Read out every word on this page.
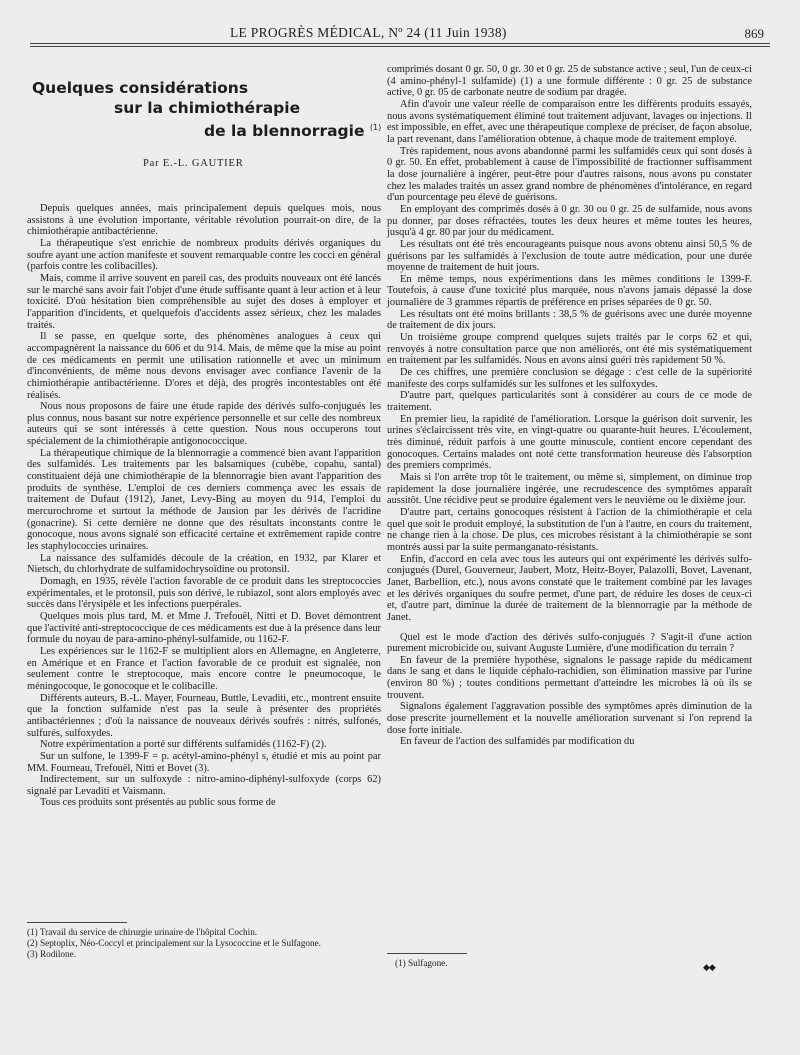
LE PROGRÈS MÉDICAL, Nº 24 (11 Juin 1938)	869
Quelques considérations
sur la chimiothérapie
de la blennorragie $^{(1)}$
Par E.-L. GAUTIER

Depuis quelques années, mais principalement depuis quelques mois, nous assistons à une évolution importante, véritable révolution pourrait-on dire, de la chimiothérapie antibactérienne.

La thérapeutique s'est enrichie de nombreux produits dérivés organiques du soufre ayant une action manifeste et souvent remarquable contre les cocci en général (parfois contre les colibacilles).

Mais, comme il arrive souvent en pareil cas, des produits nouveaux ont été lancés sur le marché sans avoir fait l'objet d'une étude suffisante quant à leur action et à leur toxicité. D'où hésitation bien compréhensible au sujet des doses à employer et l'apparition d'incidents, et quelquefois d'accidents assez sérieux, chez les malades traités.

Il se passe, en quelque sorte, des phénomènes analogues à ceux qui accompagnèrent la naissance du 606 et du 914. Mais, de même que la mise au point de ces médicaments en permit une utilisation rationnelle et avec un minimum d'inconvénients, de même nous devons envisager avec confiance l'avenir de la chimiothérapie antibactérienne. D'ores et déjà, des progrès incontestables ont été réalisés.

Nous nous proposons de faire une étude rapide des dérivés sulfo-conjugués les plus connus, nous basant sur notre expérience personnelle et sur celle des nombreux auteurs qui se sont intéressés à cette question. Nous nous occuperons tout spécialement de la chimiothérapie antigonococcique.

La thérapeutique chimique de la blennorragie a commencé bien avant l'apparition des sulfamidés. Les traitements par les balsamiques (cubèbe, copahu, santal) constituaient déjà une chimiothérapie de la blennorragie bien avant l'apparition des produits de synthèse. L'emploi de ces derniers commença avec les essais de traitement de Dufaut (1912), Janet, Levy-Bing au moyen du 914, l'emploi du mercurochrome et surtout la méthode de Jausion par les dérivés de l'acridine (gonacrine). Si cette dernière ne donne que des résultats inconstants contre le gonocoque, nous avons signalé son efficacité certaine et extrêmement rapide contre les staphylococcies urinaires.

La naissance des sulfamidés découle de la création, en 1932, par Klarer et Nietsch, du chlorhydrate de sulfamidochrysoïdine ou protonsil.

Domagh, en 1935, révèle l'action favorable de ce produit dans les streptococcies expérimentales, et le protonsil, puis son dérivé, le rubiazol, sont alors employés avec succès dans l'érysipèle et les infections puerpérales.

Quelques mois plus tard, M. et Mme J. Trefouël, Nitti et D. Bovet démontrent que l'activité anti-streptococcique de ces médicaments est due à la présence dans leur formule du noyau de para-amino-phényl-sulfamide, ou 1162-F.

Les expériences sur le 1162-F se multiplient alors en Allemagne, en Angleterre, en Amérique et en France et l'action favorable de ce produit est signalée, non seulement contre le streptocoque, mais encore contre le pneumocoque, le méningocoque, le gonocoque et le colibacille.

Différents auteurs, B.-L. Mayer, Fourneau, Buttle, Levaditi, etc., montrent ensuite que la fonction sulfamide n'est pas la seule à présenter des propriétés antibactériennes ; d'où la naissance de nouveaux dérivés soufrés : nitrés, sulfonés, sulfurés, sulfoxydes.

Notre expérimentation a porté sur différents sulfamidés (1162-F) (2).

Sur un sulfone, le 1399-F = p. acétyl-amino-phényl s, étudié et mis au point par MM. Fourneau, Trefouël, Nitti et Bovet (3).

Indirectement, sur un sulfoxyde : nitro-amino-diphényl-sulfoxyde (corps 62) signalé par Levaditi et Vaismann.

Tous ces produits sont présentés au public sous forme de

(1) Travail du service de chirurgie urinaire de l'hôpital Cochin.
(2) Septoplix, Néo-Coccyl et principalement sur la Lysococcine et le Sulfagone.
(3) Rodilone.

comprimés dosant 0 gr. 50, 0 gr. 30 et 0 gr. 25 de substance active ; seul, l'un de ceux-ci (4 amino-phényl-1 sulfamide) (1) a une formule différente : 0 gr. 25 de substance active, 0 gr. 05 de carbonate neutre de sodium par dragée.

Afin d'avoir une valeur réelle de comparaison entre les différents produits essayés, nous avons systématiquement éliminé tout traitement adjuvant, lavages ou injections. Il est impossible, en effet, avec une thérapeutique complexe de préciser, de façon absolue, la part revenant, dans l'amélioration obtenue, à chaque mode de traitement employé.

Très rapidement, nous avons abandonné parmi les sulfamidés ceux qui sont dosés à 0 gr. 50. En effet, probablement à cause de l'impossibilité de fractionner suffisamment la dose journalière à ingérer, peut-être pour d'autres raisons, nous avons pu constater chez les malades traités un assez grand nombre de phénomènes d'intolérance, en regard d'un pourcentage peu élevé de guérisons.

En employant des comprimés dosés à 0 gr. 30 ou 0 gr. 25 de sulfamide, nous avons pu donner, par doses réfractées, toutes les deux heures et même toutes les heures, jusqu'à 4 gr. 80 par jour du médicament.

Les résultats ont été très encourageants puisque nous avons obtenu ainsi 50,5 % de guérisons par les sulfamidés à l'exclusion de toute autre médication, pour une durée moyenne de traitement de huit jours.

En même temps, nous expérimentions dans les mêmes conditions le 1399-F. Toutefois, à cause d'une toxicité plus marquée, nous n'avons jamais dépassé la dose journalière de 3 grammes répartis de préférence en prises séparées de 0 gr. 50.

Les résultats ont été moins brillants : 38,5 % de guérisons avec une durée moyenne de traitement de dix jours.

Un troisième groupe comprend quelques sujets traités par le corps 62 et qui, renvoyés à notre consultation parce que non améliorés, ont été mis systématiquement en traitement par les sulfamidés. Nous en avons ainsi guéri très rapidement 50 %.

De ces chiffres, une première conclusion se dégage : c'est celle de la supériorité manifeste des corps sulfamidés sur les sulfones et les sulfoxydes.

D'autre part, quelques particularités sont à considérer au cours de ce mode de traitement.

En premier lieu, la rapidité de l'amélioration. Lorsque la guérison doit survenir, les urines s'éclaircissent très vite, en vingt-quatre ou quarante-huit heures. L'écoulement, très diminué, réduit parfois à une goutte minuscule, contient encore cependant des gonocoques. Certains malades ont noté cette transformation heureuse dès l'absorption des premiers comprimés.

Mais si l'on arrête trop tôt le traitement, ou même si, simplement, on diminue trop rapidement la dose journalière ingérée, une recrudescence des symptômes apparaît aussitôt. Une récidive peut se produire également vers le neuvième ou le dixième jour.

D'autre part, certains gonocoques résistent à l'action de la chimiothérapie et cela quel que soit le produit employé, la substitution de l'un à l'autre, en cours du traitement, ne change rien à la chose. De plus, ces microbes résistant à la chimiothérapie se sont montrés aussi par la suite permanganato-résistants.

Enfin, d'accord en cela avec tous les auteurs qui ont expérimenté les dérivés sulfo-conjugués (Durel, Gouverneur, Jaubert, Motz, Heitz-Boyer, Palazolli, Bovet, Lavenant, Janet, Barbellion, etc.), nous avons constaté que le traitement combiné par les lavages et les dérivés organiques du soufre permet, d'une part, de réduire les doses de ceux-ci et, d'autre part, diminue la durée de traitement de la blennorragie par la méthode de Janet.

Quel est le mode d'action des dérivés sulfo-conjugués ? S'agit-il d'une action purement microbicide ou, suivant Auguste Lumière, d'une modification du terrain ?

En faveur de la première hypothèse, signalons le passage rapide du médicament dans le sang et dans le liquide céphalo-rachidien, son élimination massive par l'urine (environ 80 %) ; toutes conditions permettant d'atteindre les microbes là où ils se trouvent.

Signalons également l'aggravation possible des symptômes après diminution de la dose prescrite journellement et la nouvelle amélioration survenant si l'on reprend la dose forte initiale.

En faveur de l'action des sulfamidés par modification du

(1) Sulfagone.	◆◆
